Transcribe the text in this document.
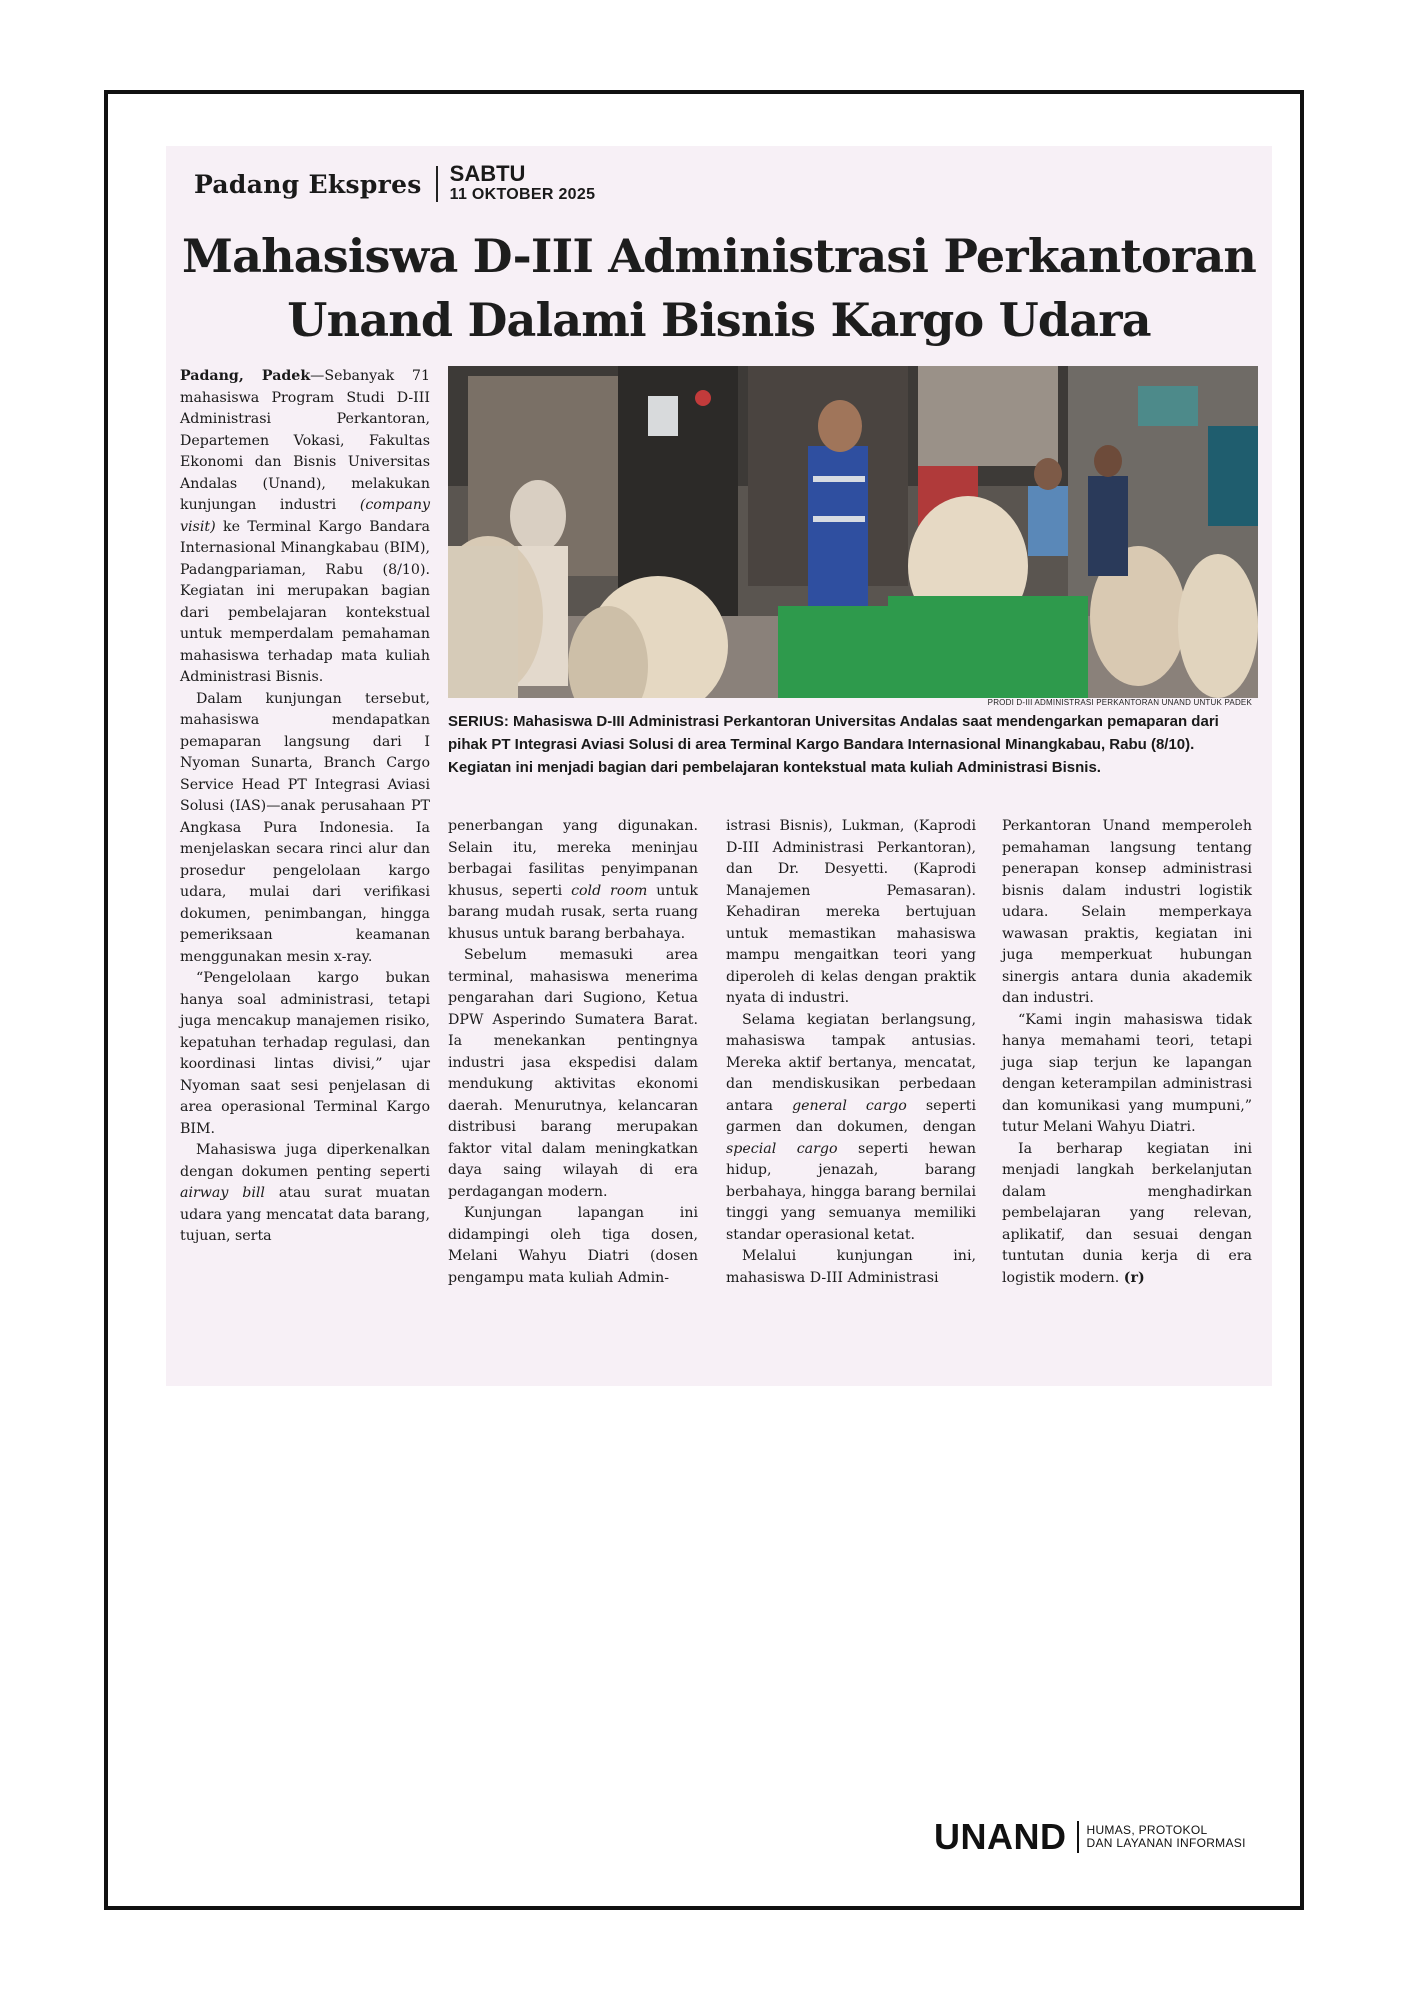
Padang Ekspres SABTU
11 OKTOBER 2025
Mahasiswa D-III Administrasi Perkantoran
Unand Dalami Bisnis Kargo Udara
PRODI D-III ADMINISTRASI PERKANTORAN UNAND UNTUK PADEK
SERIUS: Mahasiswa D-III Administrasi Perkantoran Universitas Andalas saat mendengarkan pemaparan dari pihak PT Integrasi Aviasi Solusi di area Terminal Kargo Bandara Internasional Minangkabau, Rabu (8/10). Kegiatan ini menjadi bagian dari pembelajaran kontekstual mata kuliah Administrasi Bisnis.

Padang, Padek—Sebanyak 71 mahasiswa Program Studi D-III Administrasi Perkantoran, Departemen Vokasi, Fakultas Ekonomi dan Bisnis Universitas Andalas (Unand), melakukan kunjungan industri (company visit) ke Terminal Kargo Bandara Internasional Minangkabau (BIM), Padangpariaman, Rabu (8/10). Kegiatan ini merupakan bagian dari pembelajaran kontekstual untuk memperdalam pemahaman mahasiswa terhadap mata kuliah Administrasi Bisnis.

Dalam kunjungan tersebut, mahasiswa mendapatkan pemaparan langsung dari I Nyoman Sunarta, Branch Cargo Service Head PT Integrasi Aviasi Solusi (IAS)—anak perusahaan PT Angkasa Pura Indonesia. Ia menjelaskan secara rinci alur dan prosedur pengelolaan kargo udara, mulai dari verifikasi dokumen, penimbangan, hingga pemeriksaan keamanan menggunakan mesin x-ray.

“Pengelolaan kargo bukan hanya soal administrasi, tetapi juga mencakup manajemen risiko, kepatuhan terhadap regulasi, dan koordinasi lintas divisi,” ujar Nyoman saat sesi penjelasan di area operasional Terminal Kargo BIM.

Mahasiswa juga diperkenalkan dengan dokumen penting seperti airway bill atau surat muatan udara yang mencatat data barang, tujuan, serta

penerbangan yang digunakan. Selain itu, mereka meninjau berbagai fasilitas penyimpanan khusus, seperti cold room untuk barang mudah rusak, serta ruang khusus untuk barang berbahaya.

Sebelum memasuki area terminal, mahasiswa menerima pengarahan dari Sugiono, Ketua DPW Asperindo Sumatera Barat. Ia menekankan pentingnya industri jasa ekspedisi dalam mendukung aktivitas ekonomi daerah. Menurutnya, kelancaran distribusi barang merupakan faktor vital dalam meningkatkan daya saing wilayah di era perdagangan modern.

Kunjungan lapangan ini didampingi oleh tiga dosen, Melani Wahyu Diatri (dosen pengampu mata kuliah Admin-

istrasi Bisnis), Lukman, (Kaprodi D-III Administrasi Perkantoran), dan Dr. Desyetti. (Kaprodi Manajemen Pemasaran). Kehadiran mereka bertujuan untuk memastikan mahasiswa mampu mengaitkan teori yang diperoleh di kelas dengan praktik nyata di industri.

Selama kegiatan berlangsung, mahasiswa tampak antusias. Mereka aktif bertanya, mencatat, dan mendiskusikan perbedaan antara general cargo seperti garmen dan dokumen, dengan special cargo seperti hewan hidup, jenazah, barang berbahaya, hingga barang bernilai tinggi yang semuanya memiliki standar operasional ketat.

Melalui kunjungan ini, mahasiswa D-III Administrasi

Perkantoran Unand memperoleh pemahaman langsung tentang penerapan konsep administrasi bisnis dalam industri logistik udara. Selain memperkaya wawasan praktis, kegiatan ini juga memperkuat hubungan sinergis antara dunia akademik dan industri.

“Kami ingin mahasiswa tidak hanya memahami teori, tetapi juga siap terjun ke lapangan dengan keterampilan administrasi dan komunikasi yang mumpuni,” tutur Melani Wahyu Diatri.

Ia berharap kegiatan ini menjadi langkah berkelanjutan dalam menghadirkan pembelajaran yang relevan, aplikatif, dan sesuai dengan tuntutan dunia kerja di era logistik modern. (r)

UNAND HUMAS, PROTOKOL
DAN LAYANAN INFORMASI
